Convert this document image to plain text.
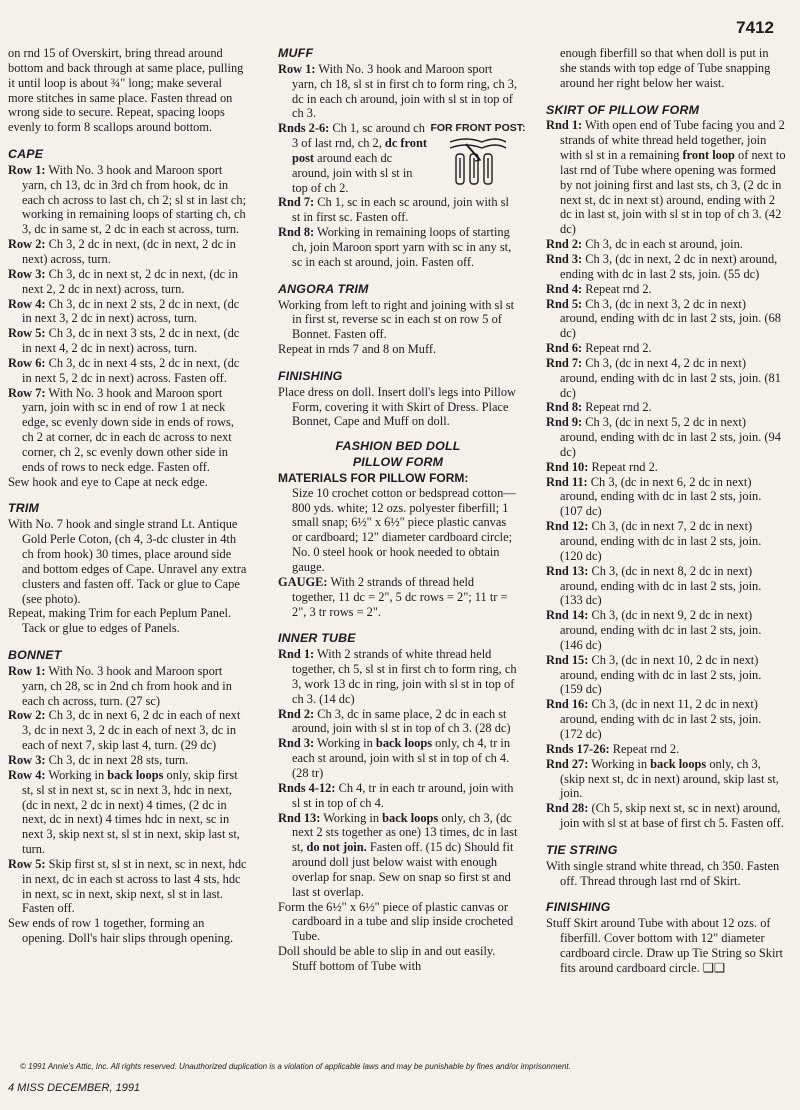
7412

on rnd 15 of Overskirt, bring thread around bottom and back through at same place, pulling it until loop is about ¾" long; make several more stitches in same place. Fasten thread on wrong side to secure. Repeat, spacing loops evenly to form 8 scallops around bottom.

CAPE

Row 1: With No. 3 hook and Maroon sport yarn, ch 13, dc in 3rd ch from hook, dc in each ch across to last ch, ch 2; sl st in last ch; working in remaining loops of starting ch, ch 3, dc in same st, 2 dc in each st across, turn.

Row 2: Ch 3, 2 dc in next, (dc in next, 2 dc in next) across, turn.

Row 3: Ch 3, dc in next st, 2 dc in next, (dc in next 2, 2 dc in next) across, turn.

Row 4: Ch 3, dc in next 2 sts, 2 dc in next, (dc in next 3, 2 dc in next) across, turn.

Row 5: Ch 3, dc in next 3 sts, 2 dc in next, (dc in next 4, 2 dc in next) across, turn.

Row 6: Ch 3, dc in next 4 sts, 2 dc in next, (dc in next 5, 2 dc in next) across. Fasten off.

Row 7: With No. 3 hook and Maroon sport yarn, join with sc in end of row 1 at neck edge, sc evenly down side in ends of rows, ch 2 at corner, dc in each dc across to next corner, ch 2, sc evenly down other side in ends of rows to neck edge. Fasten off.

Sew hook and eye to Cape at neck edge.

TRIM

With No. 7 hook and single strand Lt. Antique Gold Perle Coton, (ch 4, 3-dc cluster in 4th ch from hook) 30 times, place around side and bottom edges of Cape. Unravel any extra clusters and fasten off. Tack or glue to Cape (see photo).

Repeat, making Trim for each Peplum Panel. Tack or glue to edges of Panels.

BONNET

Row 1: With No. 3 hook and Maroon sport yarn, ch 28, sc in 2nd ch from hook and in each ch across, turn. (27 sc)

Row 2: Ch 3, dc in next 6, 2 dc in each of next 3, dc in next 3, 2 dc in each of next 3, dc in each of next 7, skip last 4, turn. (29 dc)

Row 3: Ch 3, dc in next 28 sts, turn.

Row 4: Working in back loops only, skip first st, sl st in next st, sc in next 3, hdc in next, (dc in next, 2 dc in next) 4 times, (2 dc in next, dc in next) 4 times hdc in next, sc in next 3, skip next st, sl st in next, skip last st, turn.

Row 5: Skip first st, sl st in next, sc in next, hdc in next, dc in each st across to last 4 sts, hdc in next, sc in next, skip next, sl st in last. Fasten off.

Sew ends of row 1 together, forming an opening. Doll's hair slips through opening.

MUFF

Row 1: With No. 3 hook and Maroon sport yarn, ch 18, sl st in first ch to form ring, ch 3, dc in each ch around, join with sl st in top of ch 3.

FOR FRONT POST:

Rnds 2-6: Ch 1, sc around ch 3 of last rnd, ch 2, dc front post around each dc around, join with sl st in top of ch 2.

Rnd 7: Ch 1, sc in each sc around, join with sl st in first sc. Fasten off.

Rnd 8: Working in remaining loops of starting ch, join Maroon sport yarn with sc in any st, sc in each st around, join. Fasten off.

ANGORA TRIM

Working from left to right and joining with sl st in first st, reverse sc in each st on row 5 of Bonnet. Fasten off.

Repeat in rnds 7 and 8 on Muff.

FINISHING

Place dress on doll. Insert doll's legs into Pillow Form, covering it with Skirt of Dress. Place Bonnet, Cape and Muff on doll.

FASHION BED DOLL
PILLOW FORM

MATERIALS FOR PILLOW FORM:

Size 10 crochet cotton or bedspread cotton—800 yds. white; 12 ozs. polyester fiberfill; 1 small snap; 6½" x 6½" piece plastic canvas or cardboard; 12" diameter cardboard circle; No. 0 steel hook or hook needed to obtain gauge.

GAUGE: With 2 strands of thread held together, 11 dc = 2", 5 dc rows = 2"; 11 tr = 2", 3 tr rows = 2".

INNER TUBE

Rnd 1: With 2 strands of white thread held together, ch 5, sl st in first ch to form ring, ch 3, work 13 dc in ring, join with sl st in top of ch 3. (14 dc)

Rnd 2: Ch 3, dc in same place, 2 dc in each st around, join with sl st in top of ch 3. (28 dc)

Rnd 3: Working in back loops only, ch 4, tr in each st around, join with sl st in top of ch 4. (28 tr)

Rnds 4-12: Ch 4, tr in each tr around, join with sl st in top of ch 4.

Rnd 13: Working in back loops only, ch 3, (dc next 2 sts together as one) 13 times, dc in last st, do not join. Fasten off. (15 dc) Should fit around doll just below waist with enough overlap for snap. Sew on snap so first st and last st overlap.

Form the 6½" x 6½" piece of plastic canvas or cardboard in a tube and slip inside crocheted Tube.

Doll should be able to slip in and out easily. Stuff bottom of Tube with

enough fiberfill so that when doll is put in she stands with top edge of Tube snapping around her right below her waist.

SKIRT OF PILLOW FORM

Rnd 1: With open end of Tube facing you and 2 strands of white thread held together, join with sl st in a remaining front loop of next to last rnd of Tube where opening was formed by not joining first and last sts, ch 3, (2 dc in next st, dc in next st) around, ending with 2 dc in last st, join with sl st in top of ch 3. (42 dc)

Rnd 2: Ch 3, dc in each st around, join.

Rnd 3: Ch 3, (dc in next, 2 dc in next) around, ending with dc in last 2 sts, join. (55 dc)

Rnd 4: Repeat rnd 2.

Rnd 5: Ch 3, (dc in next 3, 2 dc in next) around, ending with dc in last 2 sts, join. (68 dc)

Rnd 6: Repeat rnd 2.

Rnd 7: Ch 3, (dc in next 4, 2 dc in next) around, ending with dc in last 2 sts, join. (81 dc)

Rnd 8: Repeat rnd 2.

Rnd 9: Ch 3, (dc in next 5, 2 dc in next) around, ending with dc in last 2 sts, join. (94 dc)

Rnd 10: Repeat rnd 2.

Rnd 11: Ch 3, (dc in next 6, 2 dc in next) around, ending with dc in last 2 sts, join. (107 dc)

Rnd 12: Ch 3, (dc in next 7, 2 dc in next) around, ending with dc in last 2 sts, join. (120 dc)

Rnd 13: Ch 3, (dc in next 8, 2 dc in next) around, ending with dc in last 2 sts, join. (133 dc)

Rnd 14: Ch 3, (dc in next 9, 2 dc in next) around, ending with dc in last 2 sts, join. (146 dc)

Rnd 15: Ch 3, (dc in next 10, 2 dc in next) around, ending with dc in last 2 sts, join. (159 dc)

Rnd 16: Ch 3, (dc in next 11, 2 dc in next) around, ending with dc in last 2 sts, join. (172 dc)

Rnds 17-26: Repeat rnd 2.

Rnd 27: Working in back loops only, ch 3, (skip next st, dc in next) around, skip last st, join.

Rnd 28: (Ch 5, skip next st, sc in next) around, join with sl st at base of first ch 5. Fasten off.

TIE STRING

With single strand white thread, ch 350. Fasten off. Thread through last rnd of Skirt.

FINISHING

Stuff Skirt around Tube with about 12 ozs. of fiberfill. Cover bottom with 12" diameter cardboard circle. Draw up Tie String so Skirt fits around cardboard circle. ❑❑

© 1991 Annie's Attic, Inc. All rights reserved. Unauthorized duplication is a violation of applicable laws and may be punishable by fines and/or imprisonment.
4 MISS DECEMBER, 1991
